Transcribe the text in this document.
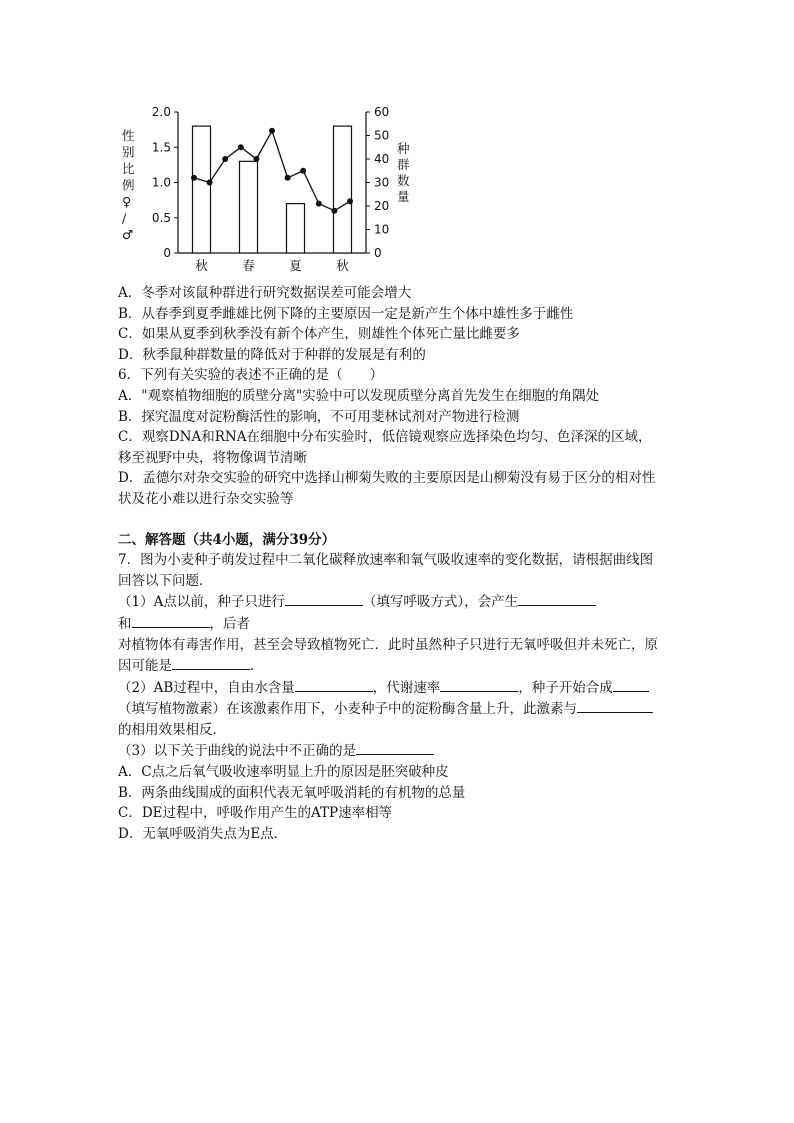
0
0.5
1.0
1.5
2.0
0
10
20
30
40
50
60
性别比例♀ / ♂
种群数量
秋	春	夏	秋
A．冬季对该鼠种群进行研究数据误差可能会增大
B．从春季到夏季雌雄比例下降的主要原因一定是新产生个体中雄性多于雌性
C．如果从夏季到秋季没有新个体产生，则雄性个体死亡量比雌要多
D．秋季鼠种群数量的降低对于种群的发展是有利的
6．下列有关实验的表述不正确的是（　　）
A．"观察植物细胞的质壁分离"实验中可以发现质壁分离首先发生在细胞的角隅处
B．探究温度对淀粉酶活性的影响，不可用斐林试剂对产物进行检测
C．观察DNA和RNA在细胞中分布实验时，低倍镜观察应选择染色均匀、色泽深的区域，
移至视野中央，将物像调节清晰
D．孟德尔对杂交实验的研究中选择山柳菊失败的主要原因是山柳菊没有易于区分的相对性
状及花小难以进行杂交实验等
二、解答题（共4小题，满分39分）
7．图为小麦种子萌发过程中二氧化碳释放速率和氧气吸收速率的变化数据，请根据曲线图
回答以下问题．
（1）A点以前，种子只进行	（填写呼吸方式），会产生
和	，后者
对植物体有毒害作用，甚至会导致植物死亡．此时虽然种子只进行无氧呼吸但并未死亡，原
因可能是	．
（2）AB过程中，自由水含量	，代谢速率	，种子开始合成
（填写植物激素）在该激素作用下，小麦种子中的淀粉酶含量上升，此激素与
的相用效果相反．
（3）以下关于曲线的说法中不正确的是
A．C点之后氧气吸收速率明显上升的原因是胚突破种皮
B．两条曲线围成的面积代表无氧呼吸消耗的有机物的总量
C．DE过程中，呼吸作用产生的ATP速率相等
D．无氧呼吸消失点为E点．
